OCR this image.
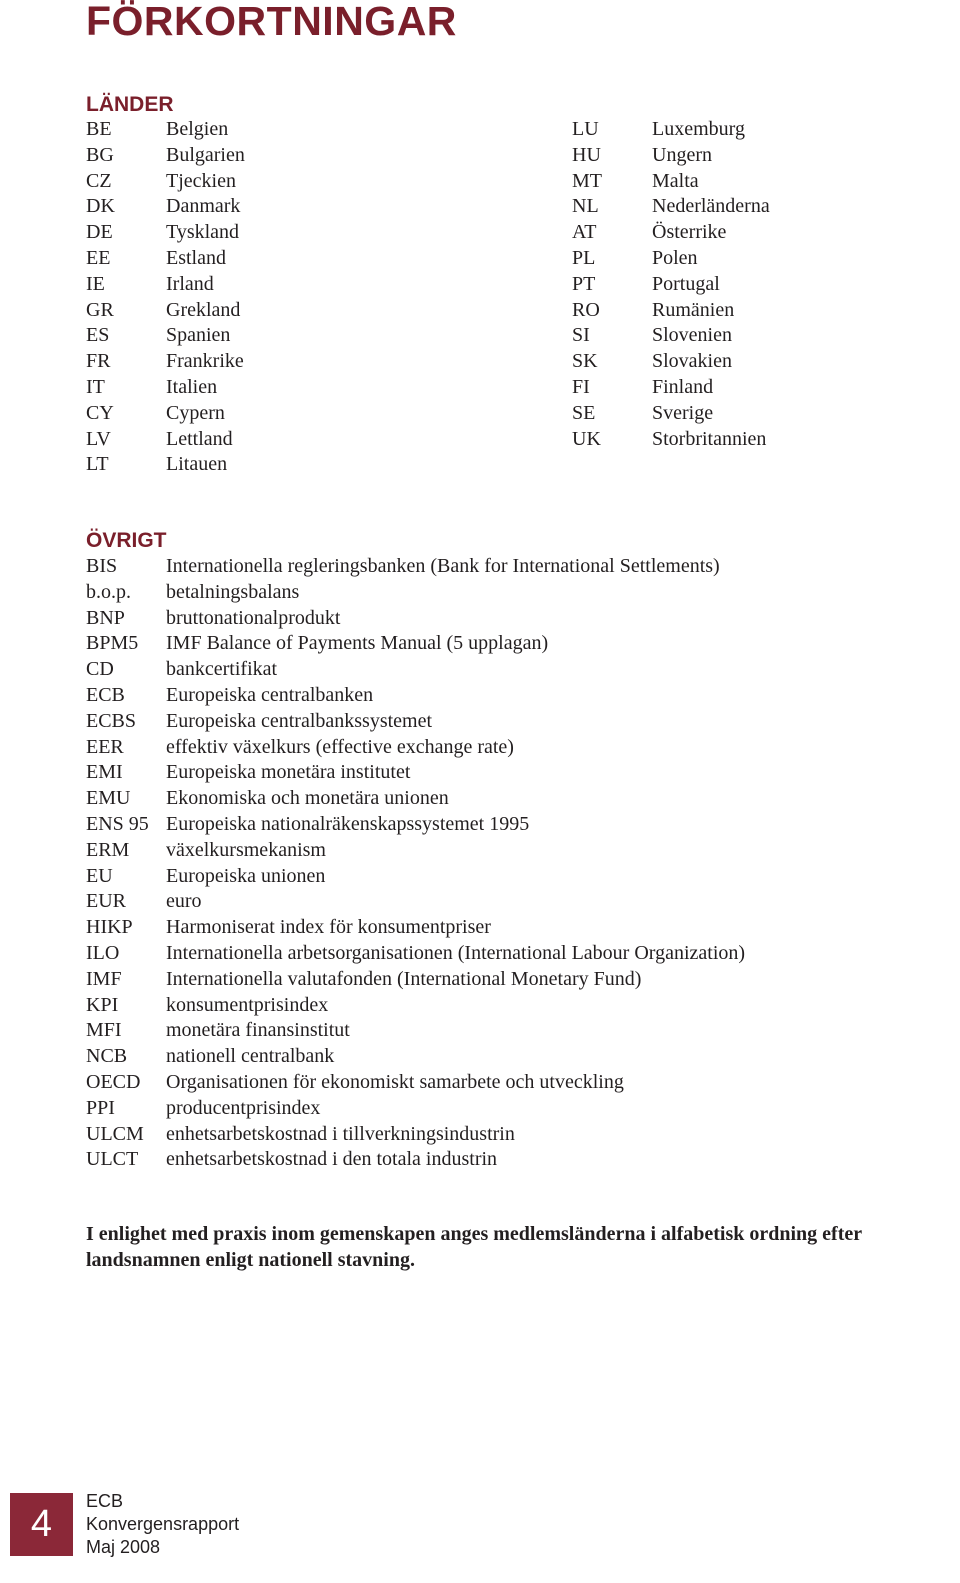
FÖRKORTNINGAR
LÄNDER
BE	Belgien
BG	Bulgarien
CZ	Tjeckien
DK	Danmark
DE	Tyskland
EE	Estland
IE	Irland
GR	Grekland
ES	Spanien
FR	Frankrike
IT	Italien
CY	Cypern
LV	Lettland
LT	Litauen
LU	Luxemburg
HU	Ungern
MT	Malta
NL	Nederländerna
AT	Österrike
PL	Polen
PT	Portugal
RO	Rumänien
SI	Slovenien
SK	Slovakien
FI	Finland
SE	Sverige
UK	Storbritannien
ÖVRIGT
BIS Internationella regleringsbanken (Bank for International Settlements)
b.o.p. betalningsbalans
BNP bruttonationalprodukt
BPM5 IMF Balance of Payments Manual (5 upplagan)
CD	bankcertifikat
ECB Europeiska centralbanken
ECBS Europeiska centralbankssystemet
EER effektiv växelkurs (effective exchange rate)
EMI Europeiska monetära institutet
EMU Ekonomiska och monetära unionen
ENS 95 Europeiska nationalräkenskapssystemet 1995
ERM växelkursmekanism
EU	Europeiska unionen
EUR euro
HIKP Harmoniserat index för konsumentpriser
ILO Internationella arbetsorganisationen (International Labour Organization)
IMF Internationella valutafonden (International Monetary Fund)
KPI konsumentprisindex
MFI monetära finansinstitut
NCB nationell centralbank
OECD Organisationen för ekonomiskt samarbete och utveckling
PPI	producentprisindex
ULCM enhetsarbetskostnad i tillverkningsindustrin
ULCT enhetsarbetskostnad i den totala industrin

I enlighet med praxis inom gemenskapen anges medlemsländerna i alfabetisk ordning efter landsnamnen enligt nationell stavning.

4
ECB
Konvergensrapport
Maj 2008
